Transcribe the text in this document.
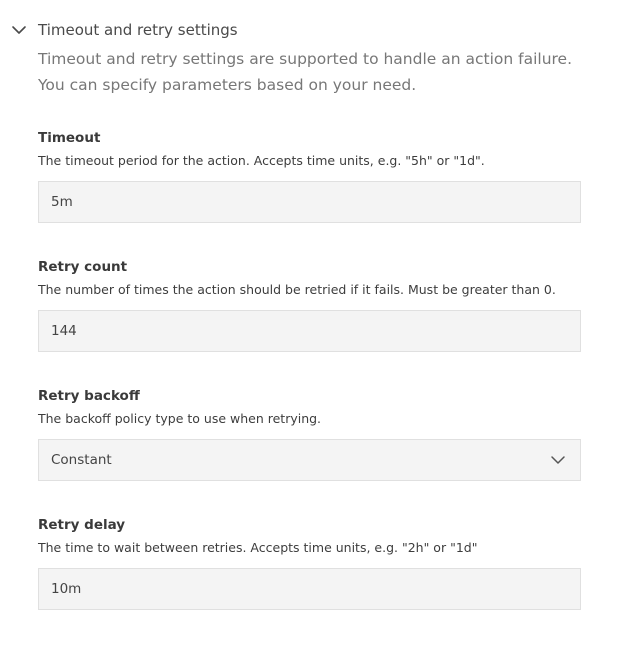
Timeout and retry settings
Timeout and retry settings are supported to handle an action failure. You can specify parameters based on your need.
Timeout
The timeout period for the action. Accepts time units, e.g. "5h" or "1d".
5m
Retry count
The number of times the action should be retried if it fails. Must be greater than 0.
144
Retry backoff
The backoff policy type to use when retrying.
Constant
Retry delay
The time to wait between retries. Accepts time units, e.g. "2h" or "1d"
10m
